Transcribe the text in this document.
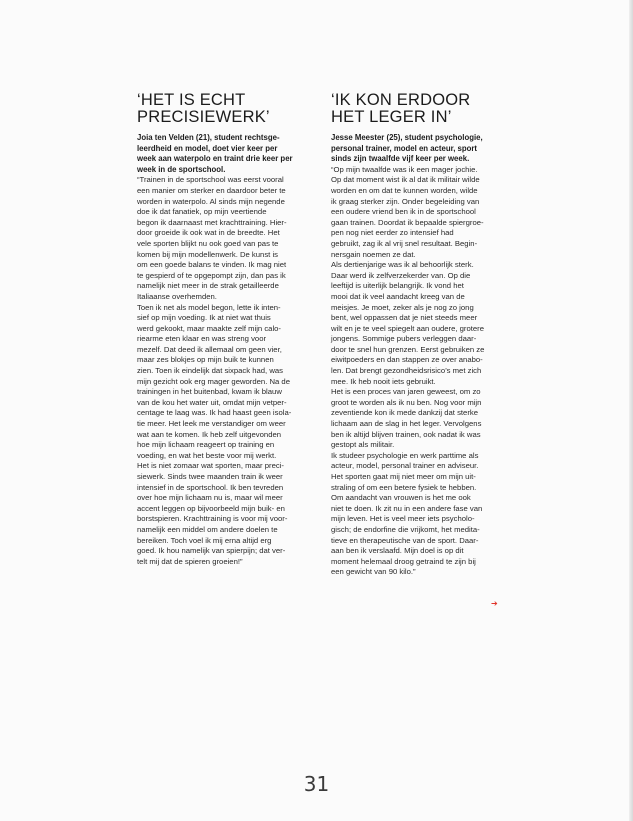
‘HET IS ECHT
PRECISIEWERK’

Joia ten Velden (21), student rechtsge-
leerdheid en model, doet vier keer per
week aan waterpolo en traint drie keer per
week in de sportschool.

“Trainen in de sportschool was eerst vooral
een manier om sterker en daardoor beter te
worden in waterpolo. Al sinds mijn negende
doe ik dat fanatiek, op mijn veertiende
begon ik daarnaast met krachttraining. Hier-
door groeide ik ook wat in de breedte. Het
vele sporten blijkt nu ook goed van pas te
komen bij mijn modellenwerk. De kunst is
om een goede balans te vinden. Ik mag niet
te gespierd of te opgepompt zijn, dan pas ik
namelijk niet meer in de strak getailleerde
Italiaanse overhemden.
Toen ik net als model begon, lette ik inten-
sief op mijn voeding. Ik at niet wat thuis
werd gekookt, maar maakte zelf mijn calo-
riearme eten klaar en was streng voor
mezelf. Dat deed ik allemaal om geen vier,
maar zes blokjes op mijn buik te kunnen
zien. Toen ik eindelijk dat sixpack had, was
mijn gezicht ook erg mager geworden. Na de
trainingen in het buitenbad, kwam ik blauw
van de kou het water uit, omdat mijn vetper-
centage te laag was. Ik had haast geen isola-
tie meer. Het leek me verstandiger om weer
wat aan te komen. Ik heb zelf uitgevonden
hoe mijn lichaam reageert op training en
voeding, en wat het beste voor mij werkt.
Het is niet zomaar wat sporten, maar preci-
siewerk. Sinds twee maanden train ik weer
intensief in de sportschool. Ik ben tevreden
over hoe mijn lichaam nu is, maar wil meer
accent leggen op bijvoorbeeld mijn buik- en
borstspieren. Krachttraining is voor mij voor-
namelijk een middel om andere doelen te
bereiken. Toch voel ik mij erna altijd erg
goed. Ik hou namelijk van spierpijn; dat ver-
telt mij dat de spieren groeien!”

‘IK KON ERDOOR
HET LEGER IN’

Jesse Meester (25), student psychologie,
personal trainer, model en acteur, sport
sinds zijn twaalfde vijf keer per week.

“Op mijn twaalfde was ik een mager jochie.
Op dat moment wist ik al dat ik militair wilde
worden en om dat te kunnen worden, wilde
ik graag sterker zijn. Onder begeleiding van
een oudere vriend ben ik in de sportschool
gaan trainen. Doordat ik bepaalde spiergroe-
pen nog niet eerder zo intensief had
gebruikt, zag ik al vrij snel resultaat. Begin-
nersgain noemen ze dat.
Als dertienjarige was ik al behoorlijk sterk.
Daar werd ik zelfverzekerder van. Op die
leeftijd is uiterlijk belangrijk. Ik vond het
mooi dat ik veel aandacht kreeg van de
meisjes. Je moet, zeker als je nog zo jong
bent, wel oppassen dat je niet steeds meer
wilt en je te veel spiegelt aan oudere, grotere
jongens. Sommige pubers verleggen daar-
door te snel hun grenzen. Eerst gebruiken ze
eiwitpoeders en dan stappen ze over anabo-
len. Dat brengt gezondheidsrisico’s met zich
mee. Ik heb nooit iets gebruikt.
Het is een proces van jaren geweest, om zo
groot te worden als ik nu ben. Nog voor mijn
zeventiende kon ik mede dankzij dat sterke
lichaam aan de slag in het leger. Vervolgens
ben ik altijd blijven trainen, ook nadat ik was
gestopt als militair.
Ik studeer psychologie en werk parttime als
acteur, model, personal trainer en adviseur.
Het sporten gaat mij niet meer om mijn uit-
straling of om een betere fysiek te hebben.
Om aandacht van vrouwen is het me ook
niet te doen. Ik zit nu in een andere fase van
mijn leven. Het is veel meer iets psycholo-
gisch; de endorfine die vrijkomt, het medita-
tieve en therapeutische van de sport. Daar-
aan ben ik verslaafd. Mijn doel is op dit
moment helemaal droog getraind te zijn bij
een gewicht van 90 kilo.”

➔
31
